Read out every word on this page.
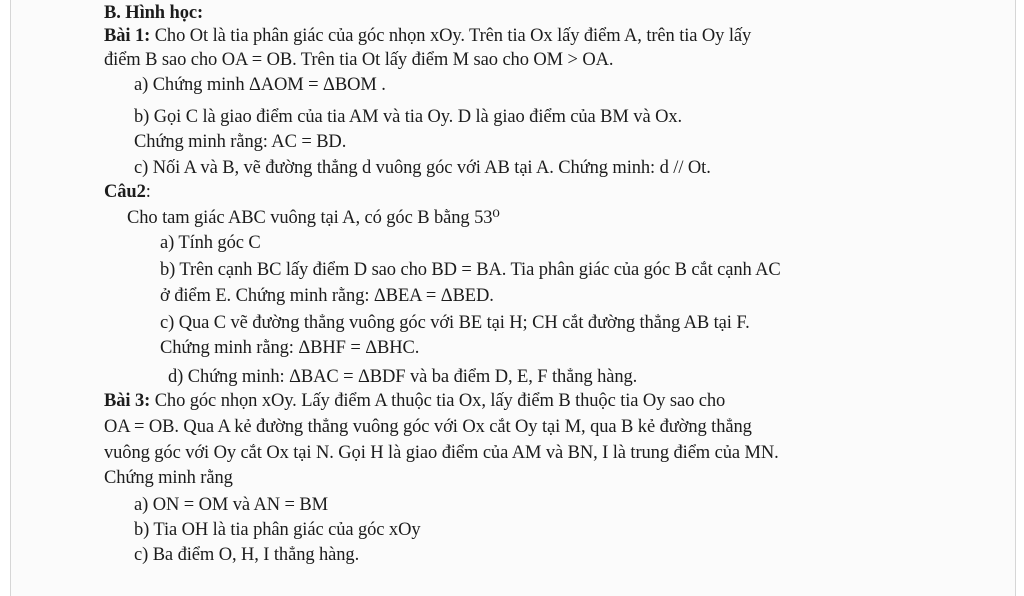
B. Hình học:
Bài 1: Cho Ot là tia phân giác của góc nhọn xOy. Trên tia Ox lấy điểm A, trên tia Oy lấy
điểm B sao cho OA = OB. Trên tia Ot lấy điểm M sao cho OM > OA.
a) Chứng minh ΔAOM = ΔBOM .
b) Gọi C là giao điểm của tia AM và tia Oy. D là giao điểm của BM và Ox.
Chứng minh rằng: AC = BD.
c) Nối A và B, vẽ đường thẳng d vuông góc với AB tại A. Chứng minh: d // Ot.
Câu2:
Cho tam giác ABC vuông tại A, có góc B bằng 53⁰
a) Tính góc C
b) Trên cạnh BC lấy điểm D sao cho BD = BA. Tia phân giác của góc B cắt cạnh AC
ở điểm E. Chứng minh rằng: ΔBEA = ΔBED.
c) Qua C vẽ đường thẳng vuông góc với BE tại H; CH cắt đường thẳng AB tại F.
Chứng minh rằng: ΔBHF = ΔBHC.
d) Chứng minh: ΔBAC = ΔBDF và ba điểm D, E, F thẳng hàng.
Bài 3: Cho góc nhọn xOy. Lấy điểm A thuộc tia Ox, lấy điểm B thuộc tia Oy sao cho
OA = OB. Qua A kẻ đường thẳng vuông góc với Ox cắt Oy tại M, qua B kẻ đường thẳng
vuông góc với Oy cắt Ox tại N. Gọi H là giao điểm của AM và BN, I là trung điểm của MN.
Chứng minh rằng
a) ON = OM và AN = BM
b) Tia OH là tia phân giác của góc xOy
c) Ba điểm O, H, I thẳng hàng.
